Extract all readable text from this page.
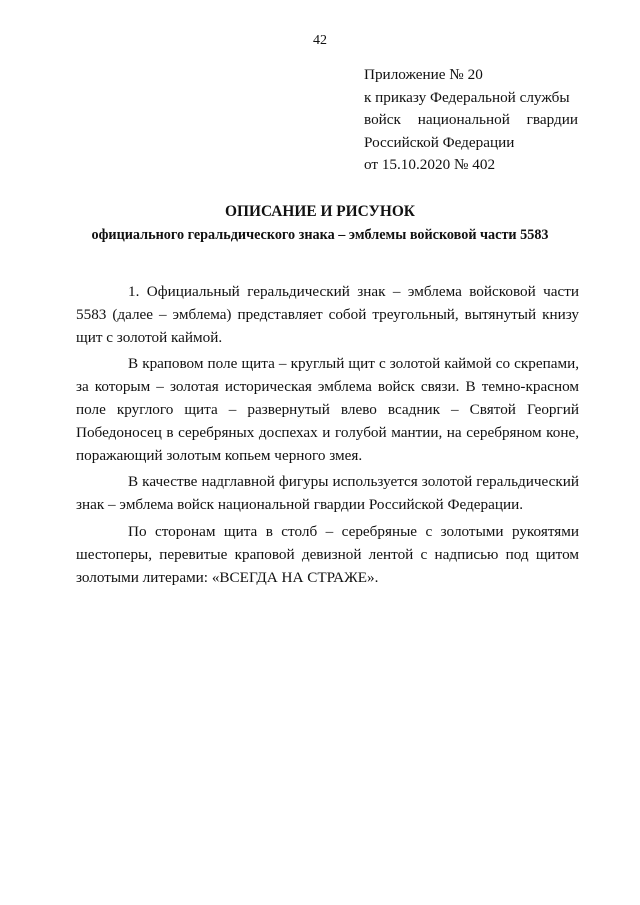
42
Приложение № 20
к приказу Федеральной службы
войск национальной гвардии
Российской Федерации
от 15.10.2020 № 402
ОПИСАНИЕ И РИСУНОК
официального геральдического знака – эмблемы войсковой части 5583

1. Официальный геральдический знак – эмблема войсковой части 5583 (далее – эмблема) представляет собой треугольный, вытянутый книзу щит с золотой каймой.

В краповом поле щита – круглый щит с золотой каймой со скрепами, за которым – золотая историческая эмблема войск связи. В темно-красном поле круглого щита – развернутый влево всадник – Святой Георгий Победоносец в серебряных доспехах и голубой мантии, на серебряном коне, поражающий золотым копьем черного змея.

В качестве надглавной фигуры используется золотой геральдический знак – эмблема войск национальной гвардии Российской Федерации.

По сторонам щита в столб – серебряные с золотыми рукоятями шестоперы, перевитые краповой девизной лентой с надписью под щитом золотыми литерами: «ВСЕГДА НА СТРАЖЕ».
